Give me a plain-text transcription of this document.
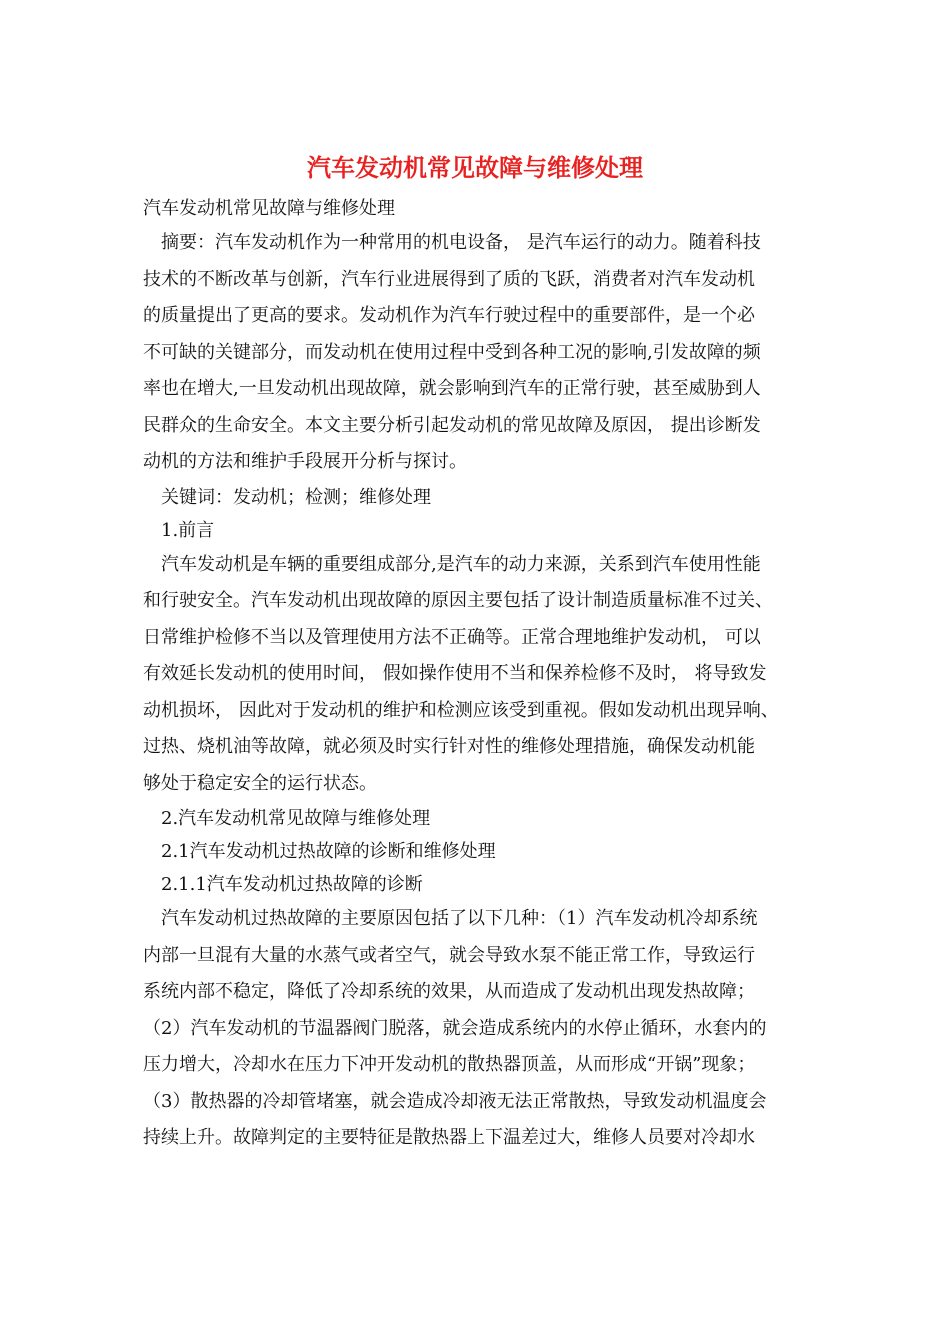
汽车发动机常见故障与维修处理
汽车发动机常见故障与维修处理
摘要：汽车发动机作为一种常用的机电设备， 是汽车运行的动力。随着科技
技术的不断改革与创新，汽车行业进展得到了质的飞跃，消费者对汽车发动机
的质量提出了更高的要求。发动机作为汽车行驶过程中的重要部件，是一个必
不可缺的关键部分，而发动机在使用过程中受到各种工况的影响,引发故障的频
率也在增大,一旦发动机出现故障，就会影响到汽车的正常行驶，甚至威胁到人
民群众的生命安全。本文主要分析引起发动机的常见故障及原因， 提出诊断发
动机的方法和维护手段展开分析与探讨。
关键词：发动机；检测；维修处理
1.前言
汽车发动机是车辆的重要组成部分,是汽车的动力来源，关系到汽车使用性能
和行驶安全。汽车发动机出现故障的原因主要包括了设计制造质量标准不过关、
日常维护检修不当以及管理使用方法不正确等。正常合理地维护发动机， 可以
有效延长发动机的使用时间， 假如操作使用不当和保养检修不及时， 将导致发
动机损坏， 因此对于发动机的维护和检测应该受到重视。假如发动机出现异响、
过热、烧机油等故障，就必须及时实行针对性的维修处理措施，确保发动机能
够处于稳定安全的运行状态。
2.汽车发动机常见故障与维修处理
2.1汽车发动机过热故障的诊断和维修处理
2.1.1汽车发动机过热故障的诊断
汽车发动机过热故障的主要原因包括了以下几种：（1）汽车发动机冷却系统
内部一旦混有大量的水蒸气或者空气，就会导致水泵不能正常工作，导致运行
系统内部不稳定，降低了冷却系统的效果，从而造成了发动机出现发热故障；
（2）汽车发动机的节温器阀门脱落，就会造成系统内的水停止循环，水套内的
压力增大，冷却水在压力下冲开发动机的散热器顶盖，从而形成“开锅”现象；
（3）散热器的冷却管堵塞，就会造成冷却液无法正常散热，导致发动机温度会
持续上升。故障判定的主要特征是散热器上下温差过大，维修人员要对冷却水
